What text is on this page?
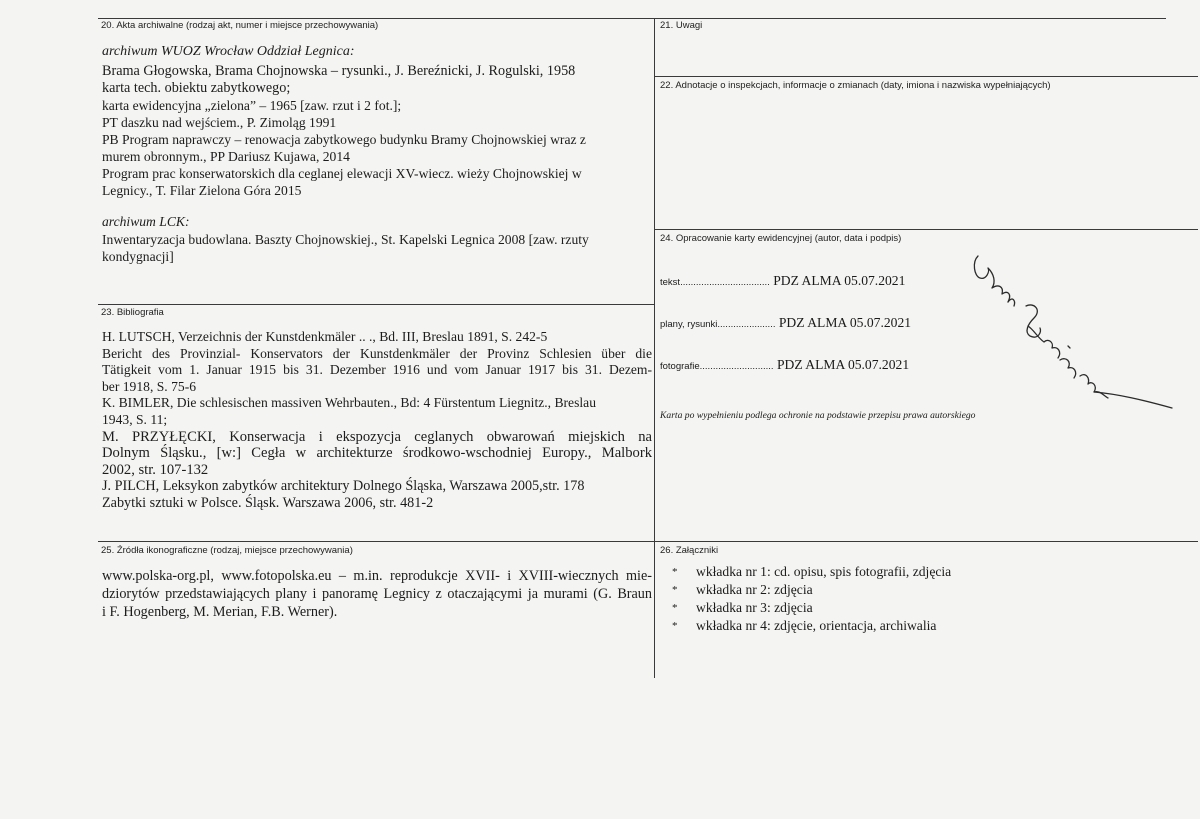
20. Akta archiwalne (rodzaj akt, numer i miejsce przechowywania)
archiwum WUOZ Wrocław Oddział Legnica:
Brama Głogowska, Brama Chojnowska – rysunki., J. Bereźnicki, J. Rogulski, 1958
karta tech. obiektu zabytkowego;
karta ewidencyjna „zielona” – 1965 [zaw. rzut i 2 fot.];
PT daszku nad wejściem., P. Zimoląg 1991
PB Program naprawczy – renowacja zabytkowego budynku Bramy Chojnowskiej wraz z
murem obronnym., PP Dariusz Kujawa, 2014
Program prac konserwatorskich dla ceglanej elewacji XV-wiecz. wieży Chojnowskiej w
Legnicy., T. Filar Zielona Góra 2015
archiwum LCK:
Inwentaryzacja budowlana. Baszty Chojnowskiej., St. Kapelski Legnica 2008 [zaw. rzuty
kondygnacji]
21. Uwagi
22. Adnotacje o inspekcjach, informacje o zmianach (daty, imiona i nazwiska wypełniających)
24. Opracowanie karty ewidencyjnej (autor, data i podpis)
tekst.................................. PDZ ALMA 05.07.2021
plany, rysunki...................... PDZ ALMA 05.07.2021
fotografie............................ PDZ ALMA 05.07.2021
Karta po wypełnieniu podlega ochronie na podstawie przepisu prawa autorskiego
23. Bibliografia
H. LUTSCH, Verzeichnis der Kunstdenkmäler .. ., Bd. III, Breslau 1891, S. 242-5
Bericht des Provinzial- Konservators der Kunstdenkmäler der Provinz Schlesien über die
Tätigkeit vom 1. Januar 1915 bis 31. Dezember 1916 und vom Januar 1917 bis 31. Dezem-
ber 1918, S. 75-6
K. BIMLER, Die schlesischen massiven Wehrbauten., Bd: 4 Fürstentum Liegnitz., Breslau
1943, S. 11;
M. PRZYŁĘCKI, Konserwacja i ekspozycja ceglanych obwarowań miejskich na
Dolnym Śląsku., [w:] Cegła w architekturze środkowo-wschodniej Europy., Malbork
2002, str. 107-132
J. PILCH, Leksykon zabytków architektury Dolnego Śląska, Warszawa 2005,str. 178
Zabytki sztuki w Polsce. Śląsk. Warszawa 2006, str. 481-2
25. Źródła ikonograficzne (rodzaj, miejsce przechowywania)
www.polska-org.pl, www.fotopolska.eu – m.in. reprodukcje XVII- i XVIII-wiecznych mie-
dziorytów przedstawiających plany i panoramę Legnicy z otaczającymi ja murami (G. Braun
i F. Hogenberg, M. Merian, F.B. Werner).
26. Załączniki
* wkładka nr 1: cd. opisu, spis fotografii, zdjęcia
* wkładka nr 2: zdjęcia
* wkładka nr 3: zdjęcia
* wkładka nr 4: zdjęcie, orientacja, archiwalia
